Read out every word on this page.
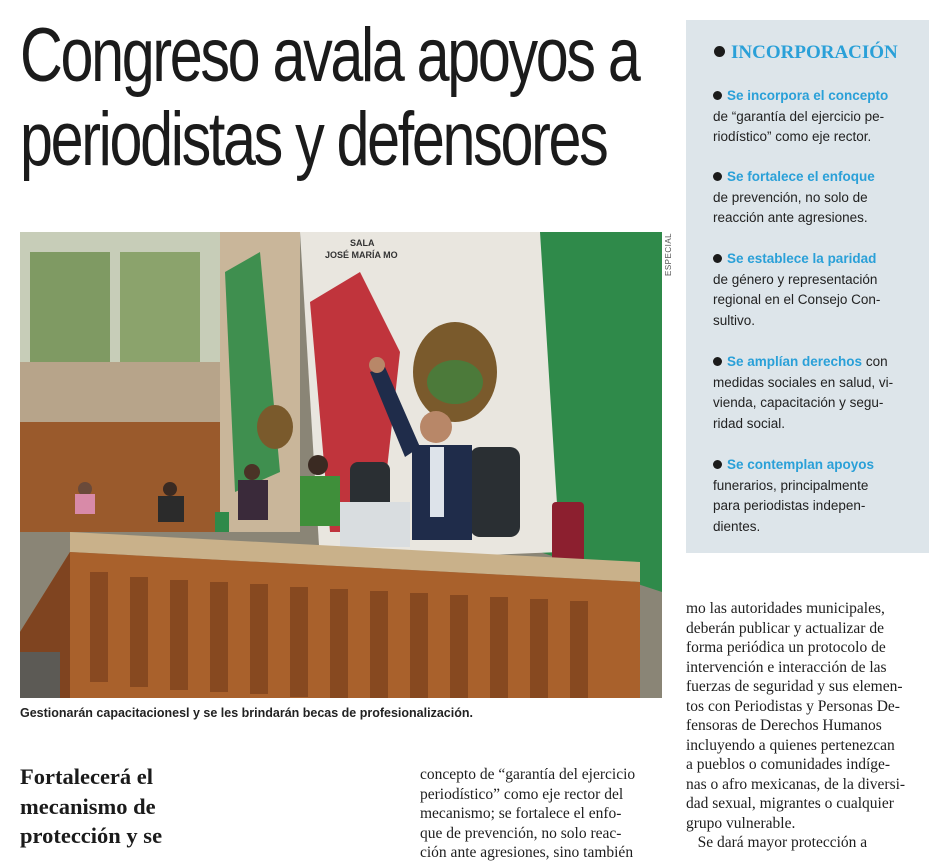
Congreso avala apoyos a
periodistas y defensores
SALA
JOSÉ MARÍA MO	ESPECIAL
Gestionarán capacitacionesl y se les brindarán becas de profesionalización.
INCORPORACIÓN
Se incorpora el concepto
de “garantía del ejercicio pe-
riodístico” como eje rector.
Se fortalece el enfoque
de prevención, no solo de
reacción ante agresiones.
Se establece la paridad
de género y representación
regional en el Consejo Con-
sultivo.
Se amplían derechos con
medidas sociales en salud, vi-
vienda, capacitación y segu-
ridad social.
Se contemplan apoyos
funerarios, principalmente
para periodistas indepen-
dientes.
mo las autoridades municipales,
deberán publicar y actualizar de
forma periódica un protocolo de
intervención e interacción de las
fuerzas de seguridad y sus elemen-
tos con Periodistas y Personas De-
fensoras de Derechos Humanos
incluyendo a quienes pertenezcan
a pueblos o comunidades indíge-
nas o afro mexicanas, de la diversi-
dad sexual, migrantes o cualquier
grupo vulnerable.
Se dará mayor protección a
Fortalecerá el
mecanismo de
protección y se
concepto de “garantía del ejercicio
periodístico” como eje rector del
mecanismo; se fortalece el enfo-
que de prevención, no solo reac-
ción ante agresiones, sino también
